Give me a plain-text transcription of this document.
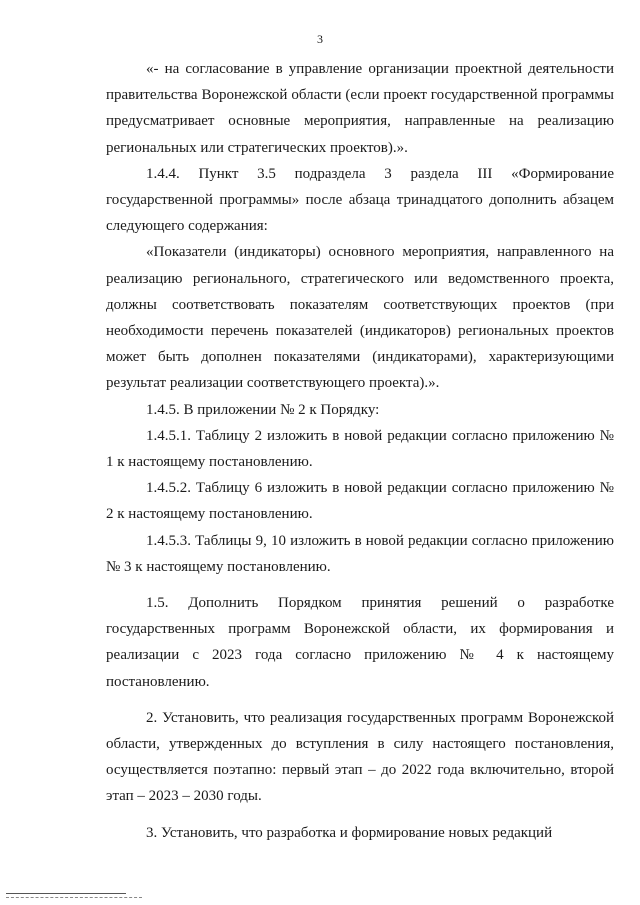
3

«- на согласование в управление организации проектной деятельности правительства Воронежской области (если проект государственной программы предусматривает основные мероприятия, направленные на реализацию региональных или стратегических проектов).».

1.4.4. Пункт 3.5 подраздела 3 раздела III «Формирование государственной программы» после абзаца тринадцатого дополнить абзацем следующего содержания:

«Показатели (индикаторы) основного мероприятия, направленного на реализацию регионального, стратегического или ведомственного проекта, должны соответствовать показателям соответствующих проектов (при необходимости перечень показателей (индикаторов) региональных проектов может быть дополнен показателями (индикаторами), характеризующими результат реализации соответствующего проекта).».

1.4.5. В приложении № 2 к Порядку:

1.4.5.1. Таблицу 2 изложить в новой редакции согласно приложению № 1 к настоящему постановлению.

1.4.5.2. Таблицу 6 изложить в новой редакции согласно приложению № 2 к настоящему постановлению.

1.4.5.3. Таблицы 9, 10 изложить в новой редакции согласно приложению № 3 к настоящему постановлению.

1.5. Дополнить Порядком принятия решений о разработке государственных программ Воронежской области, их формирования и реализации с 2023 года согласно приложению № 4 к настоящему постановлению.

2. Установить, что реализация государственных программ Воронежской области, утвержденных до вступления в силу настоящего постановления, осуществляется поэтапно: первый этап – до 2022 года включительно, второй этап – 2023 – 2030 годы.

3. Установить, что разработка и формирование новых редакций
